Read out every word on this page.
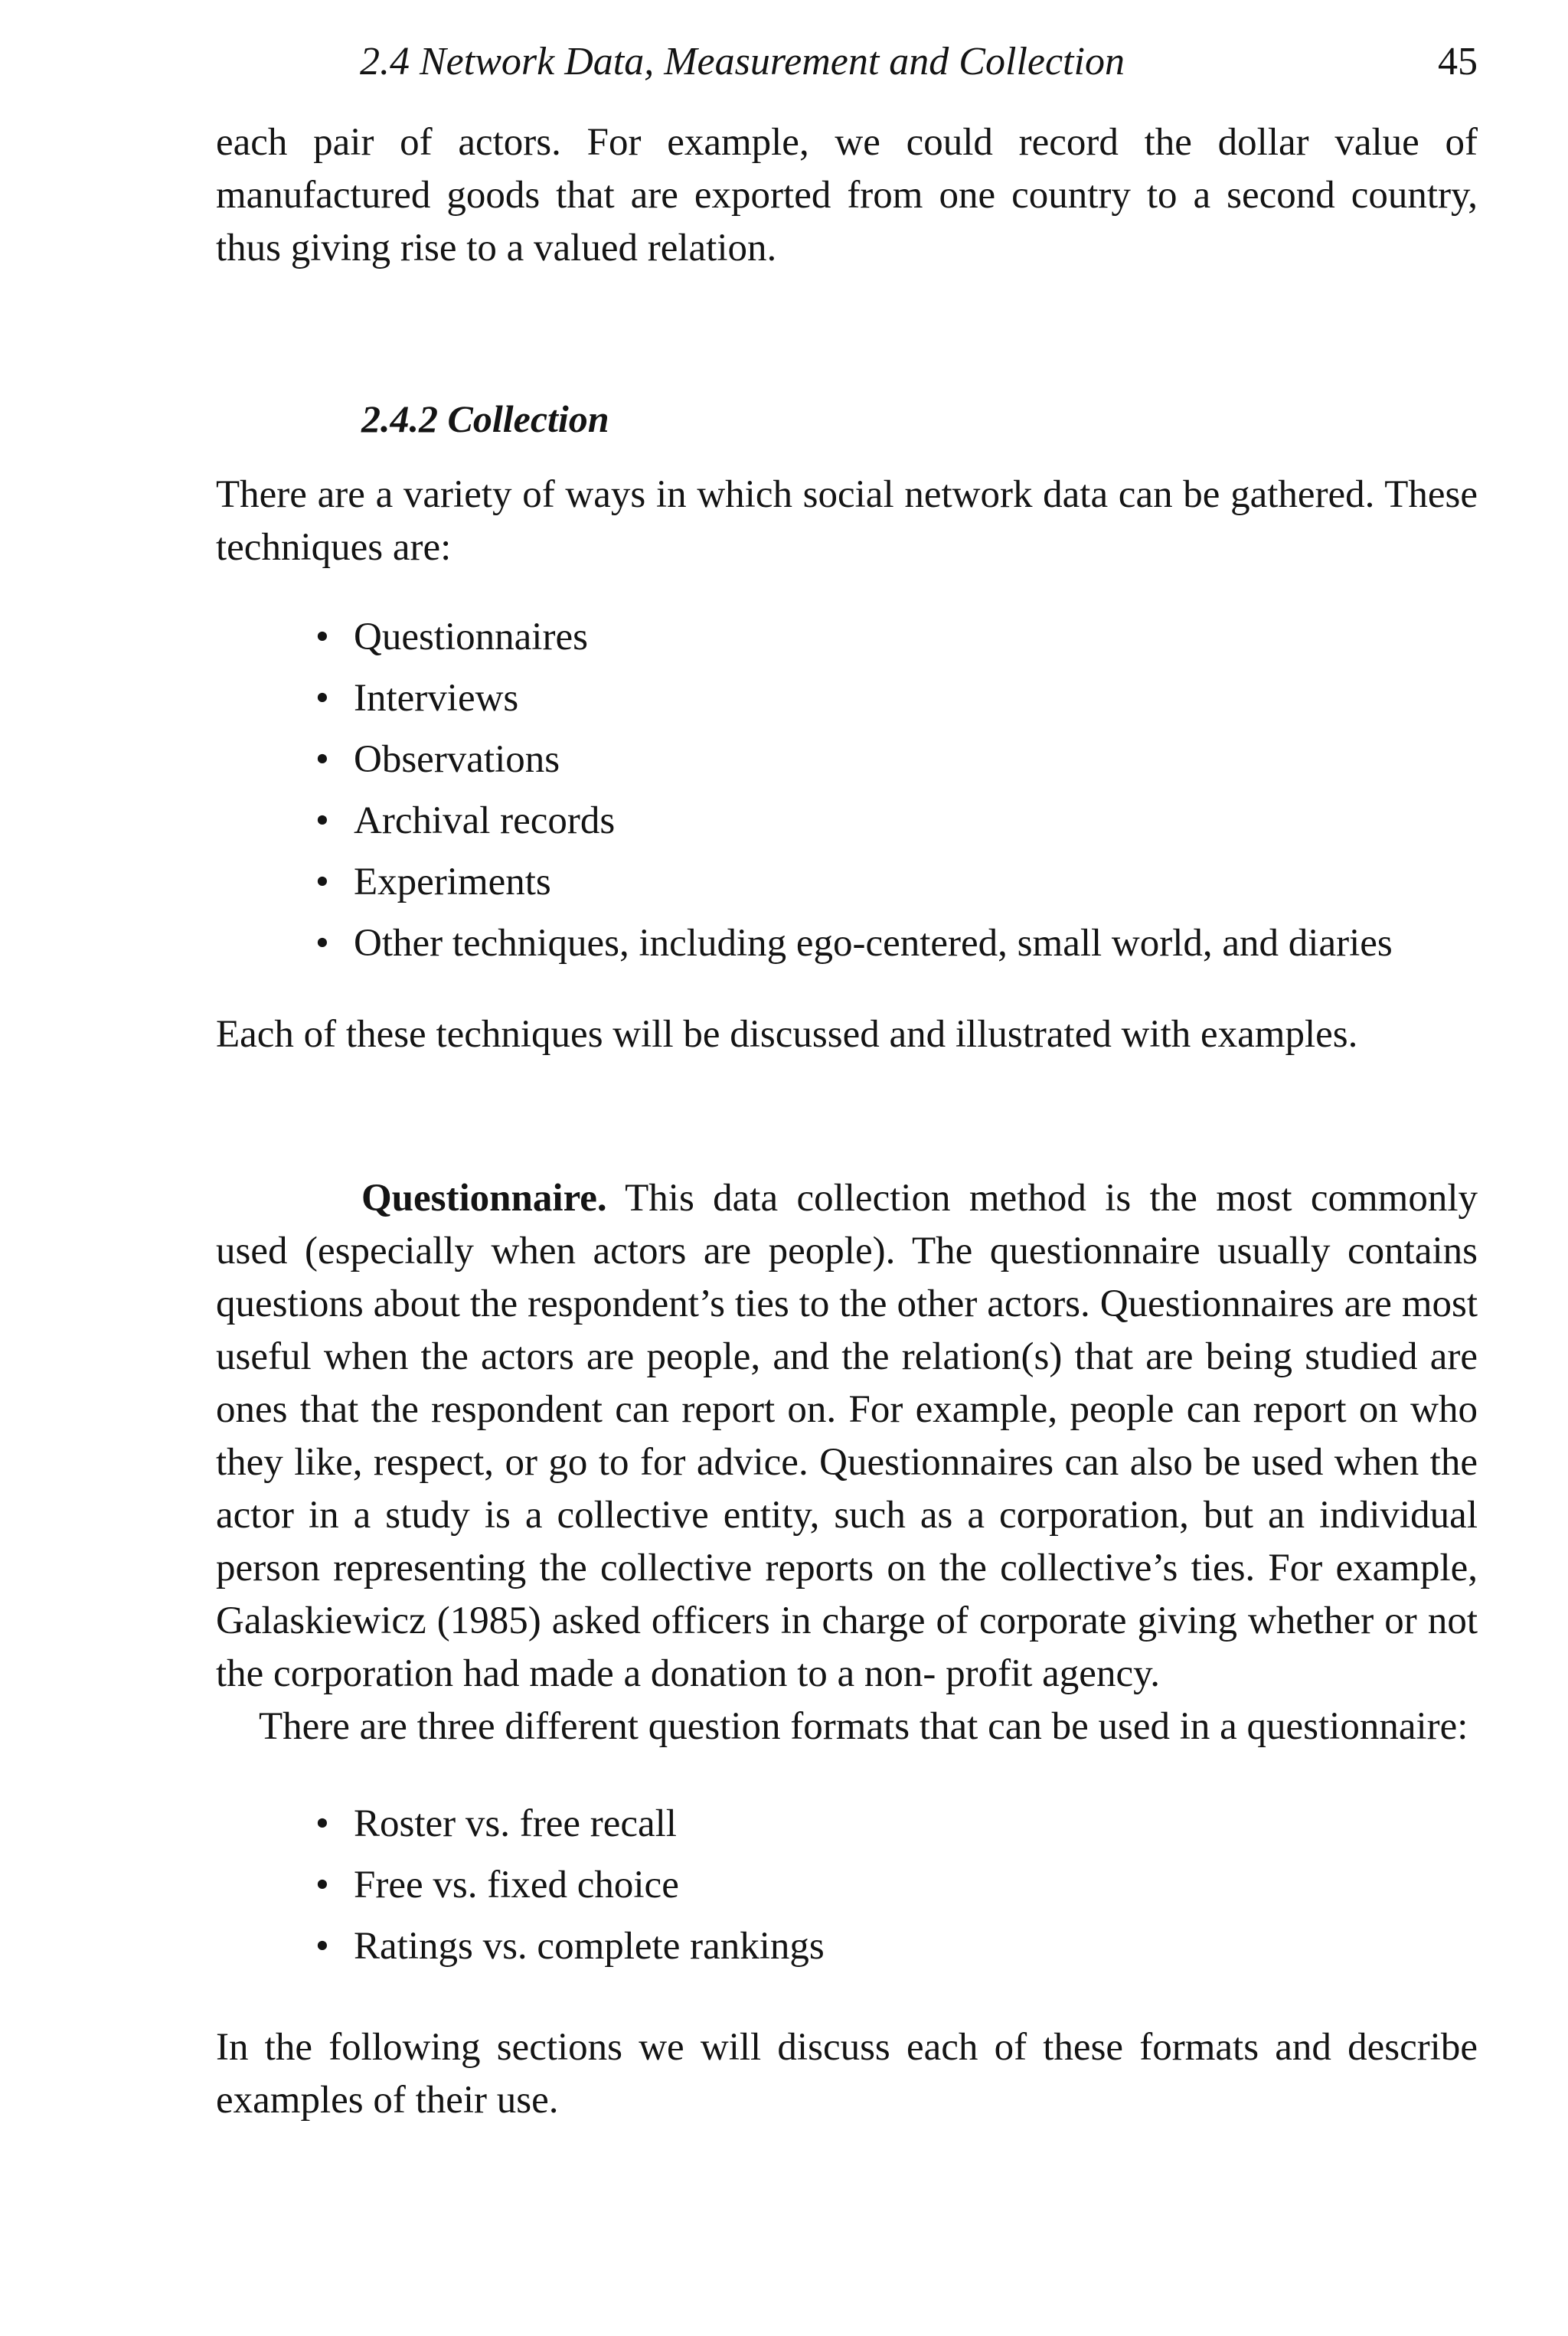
2.4 Network Data, Measurement and Collection	45

each pair of actors. For example, we could record the dollar value of manufactured goods that are exported from one country to a second country, thus giving rise to a valued relation.

2.4.2 Collection

There are a variety of ways in which social network data can be gathered. These techniques are:

• Questionnaires
• Interviews
• Observations
• Archival records
• Experiments
• Other techniques, including ego-centered, small world, and diaries

Each of these techniques will be discussed and illustrated with examples.

Questionnaire. This data collection method is the most commonly used (especially when actors are people). The questionnaire usually contains questions about the respondent’s ties to the other actors. Questionnaires are most useful when the actors are people, and the relation(s) that are being studied are ones that the respondent can report on. For example, people can report on who they like, respect, or go to for advice. Questionnaires can also be used when the actor in a study is a collective entity, such as a corporation, but an individual person representing the collective reports on the collective’s ties. For example, Galaskiewicz (1985) asked officers in charge of corporate giving whether or not the corporation had made a donation to a non- profit agency.

There are three different question formats that can be used in a questionnaire:

• Roster vs. free recall
• Free vs. fixed choice
• Ratings vs. complete rankings

In the following sections we will discuss each of these formats and describe examples of their use.
